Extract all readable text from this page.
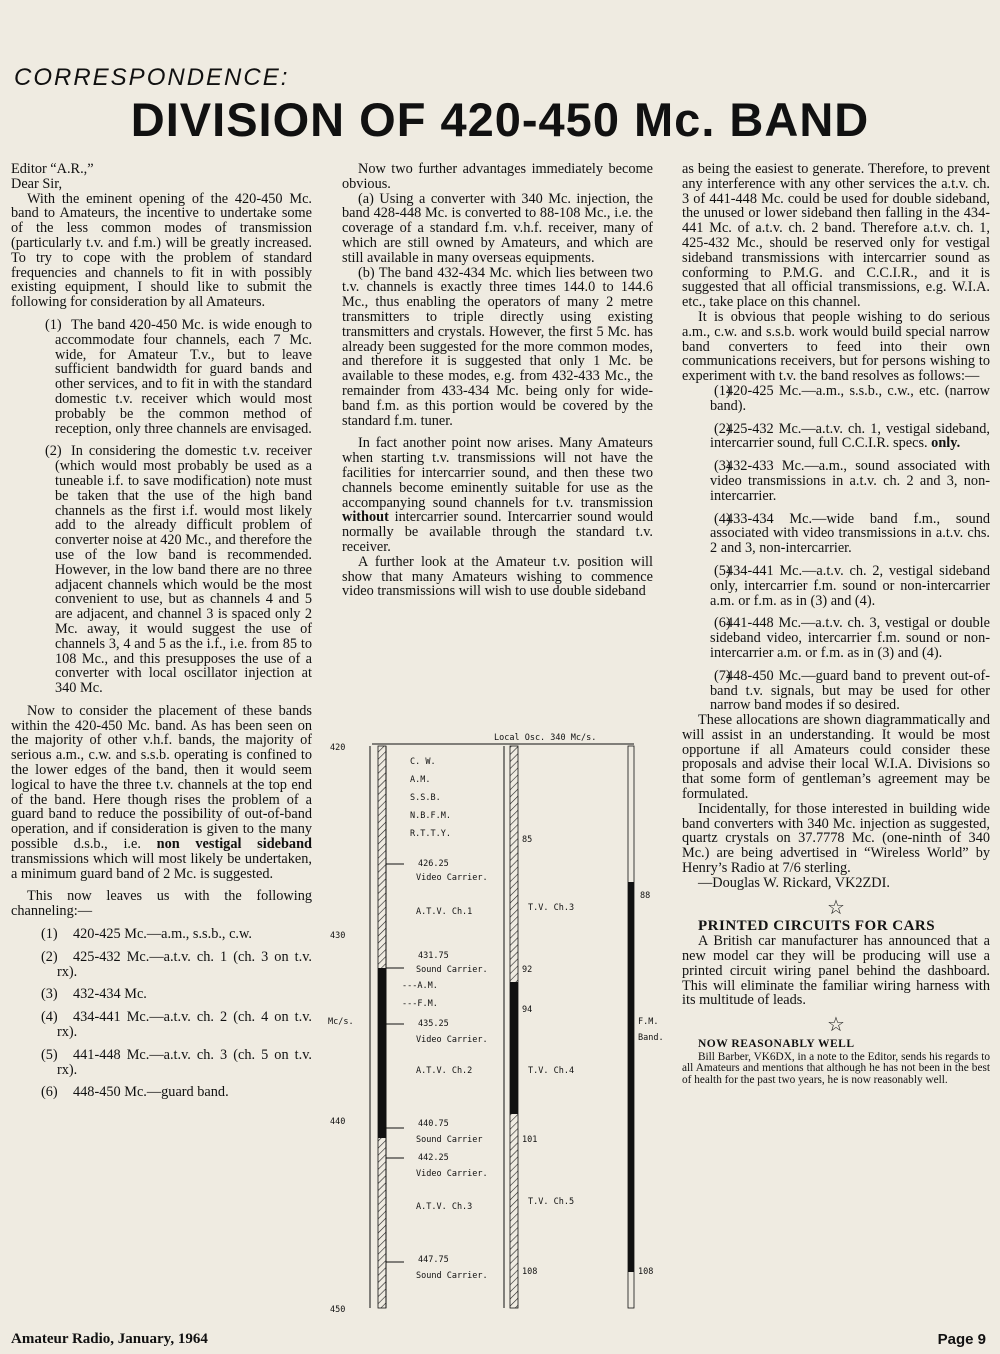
CORRESPONDENCE:
DIVISION OF 420-450 Mc. BAND

Editor “A.R.,”

Dear Sir,

With the eminent opening of the 420-450 Mc. band to Amateurs, the incentive to undertake some of the less common modes of transmission (particularly t.v. and f.m.) will be greatly increased. To try to cope with the problem of standard frequencies and channels to fit in with possibly existing equipment, I should like to submit the following for consideration by all Amateurs.

(1) The band 420-450 Mc. is wide enough to accommodate four channels, each 7 Mc. wide, for Amateur T.v., but to leave sufficient bandwidth for guard bands and other services, and to fit in with the standard domestic t.v. receiver which would most probably be the common method of reception, only three channels are envisaged.

(2) In considering the domestic t.v. receiver (which would most probably be used as a tuneable i.f. to save modification) note must be taken that the use of the high band channels as the first i.f. would most likely add to the already difficult problem of converter noise at 420 Mc., and therefore the use of the low band is recommended. However, in the low band there are no three adjacent channels which would be the most convenient to use, but as channels 4 and 5 are adjacent, and channel 3 is spaced only 2 Mc. away, it would suggest the use of channels 3, 4 and 5 as the i.f., i.e. from 85 to 108 Mc., and this presupposes the use of a converter with local oscillator injection at 340 Mc.

Now to consider the placement of these bands within the 420-450 Mc. band. As has been seen on the majority of other v.h.f. bands, the majority of serious a.m., c.w. and s.s.b. operating is confined to the lower edges of the band, then it would seem logical to have the three t.v. channels at the top end of the band. Here though rises the problem of a guard band to reduce the possibility of out-of-band operation, and if consideration is given to the many possible d.s.b., i.e. non vestigal sideband transmissions which will most likely be undertaken, a minimum guard band of 2 Mc. is suggested.

This now leaves us with the following channeling:—

(1) 420-425 Mc.—a.m., s.s.b., c.w.

(2) 425-432 Mc.—a.t.v. ch. 1 (ch. 3 on t.v. rx).

(3) 432-434 Mc.

(4) 434-441 Mc.—a.t.v. ch. 2 (ch. 4 on t.v. rx).

(5) 441-448 Mc.—a.t.v. ch. 3 (ch. 5 on t.v. rx).

(6) 448-450 Mc.—guard band.

Now two further advantages immediately become obvious.

(a) Using a converter with 340 Mc. injection, the band 428-448 Mc. is converted to 88-108 Mc., i.e. the coverage of a standard f.m. v.h.f. receiver, many of which are still owned by Amateurs, and which are still available in many overseas equipments.

(b) The band 432-434 Mc. which lies between two t.v. channels is exactly three times 144.0 to 144.6 Mc., thus enabling the operators of many 2 metre transmitters to triple directly using existing transmitters and crystals. However, the first 5 Mc. has already been suggested for the more common modes, and therefore it is suggested that only 1 Mc. be available to these modes, e.g. from 432-433 Mc., the remainder from 433-434 Mc. being only for wide-band f.m. as this portion would be covered by the standard f.m. tuner.

In fact another point now arises. Many Amateurs when starting t.v. transmissions will not have the facilities for intercarrier sound, and then these two channels become eminently suitable for use as the accompanying sound channels for t.v. transmission without intercarrier sound. Intercarrier sound would normally be available through the standard t.v. receiver.

A further look at the Amateur t.v. position will show that many Amateurs wishing to commence video transmissions will wish to use double sideband

Local Osc. 340 Mc/s.
420
430
440
450
Mc/s.
C. W.
A.M.
S.S.B.
N.B.F.M.
R.T.T.Y.
426.25
Video Carrier.
A.T.V. Ch.1
431.75
Sound Carrier.
---A.M.
---F.M.
435.25
Video Carrier.
A.T.V. Ch.2
440.75
Sound Carrier
442.25
Video Carrier.
A.T.V. Ch.3
447.75
Sound Carrier.
85
92
94
101
108
T.V. Ch.3
T.V. Ch.4
T.V. Ch.5
88
108
F.M.
Band.

as being the easiest to generate. Therefore, to prevent any interference with any other services the a.t.v. ch. 3 of 441-448 Mc. could be used for double sideband, the unused or lower sideband then falling in the 434-441 Mc. of a.t.v. ch. 2 band. Therefore a.t.v. ch. 1, 425-432 Mc., should be reserved only for vestigal sideband transmissions with intercarrier sound as conforming to P.M.G. and C.C.I.R., and it is suggested that all official transmissions, e.g. W.I.A. etc., take place on this channel.

It is obvious that people wishing to do serious a.m., c.w. and s.s.b. work would build special narrow band converters to feed into their own communications receivers, but for persons wishing to experiment with t.v. the band resolves as follows:—

(1)
420-425 Mc.—a.m., s.s.b., c.w., etc. (narrow band).

(2)
425-432 Mc.—a.t.v. ch. 1, vestigal sideband, intercarrier sound, full C.C.I.R. specs. only.

(3)
432-433 Mc.—a.m., sound associated with video transmissions in a.t.v. ch. 2 and 3, non-intercarrier.

(4)
433-434 Mc.—wide band f.m., sound associated with video transmissions in a.t.v. chs. 2 and 3, non-intercarrier.

(5)
434-441 Mc.—a.t.v. ch. 2, vestigal sideband only, intercarrier f.m. sound or non-intercarrier a.m. or f.m. as in (3) and (4).

(6)
441-448 Mc.—a.t.v. ch. 3, vestigal or double sideband video, intercarrier f.m. sound or non-intercarrier a.m. or f.m. as in (3) and (4).

(7)
448-450 Mc.—guard band to prevent out-of-band t.v. signals, but may be used for other narrow band modes if so desired.

These allocations are shown diagrammatically and will assist in an understanding. It would be most opportune if all Amateurs could consider these proposals and advise their local W.I.A. Divisions so that some form of gentleman’s agreement may be formulated.

Incidentally, for those interested in building wide band converters with 340 Mc. injection as suggested, quartz crystals on 37.7778 Mc. (one-ninth of 340 Mc.) are being advertised in “Wireless World” by Henry’s Radio at 7/6 sterling.

—Douglas W. Rickard, VK2ZDI.

☆

PRINTED CIRCUITS FOR CARS

A British car manufacturer has announced that a new model car they will be producing will use a printed circuit wiring panel behind the dashboard. This will eliminate the familiar wiring harness with its multitude of leads.

☆

NOW REASONABLY WELL

Bill Barber, VK6DX, in a note to the Editor, sends his regards to all Amateurs and mentions that although he has not been in the best of health for the past two years, he is now reasonably well.

Amateur Radio, January, 1964	Page 9
